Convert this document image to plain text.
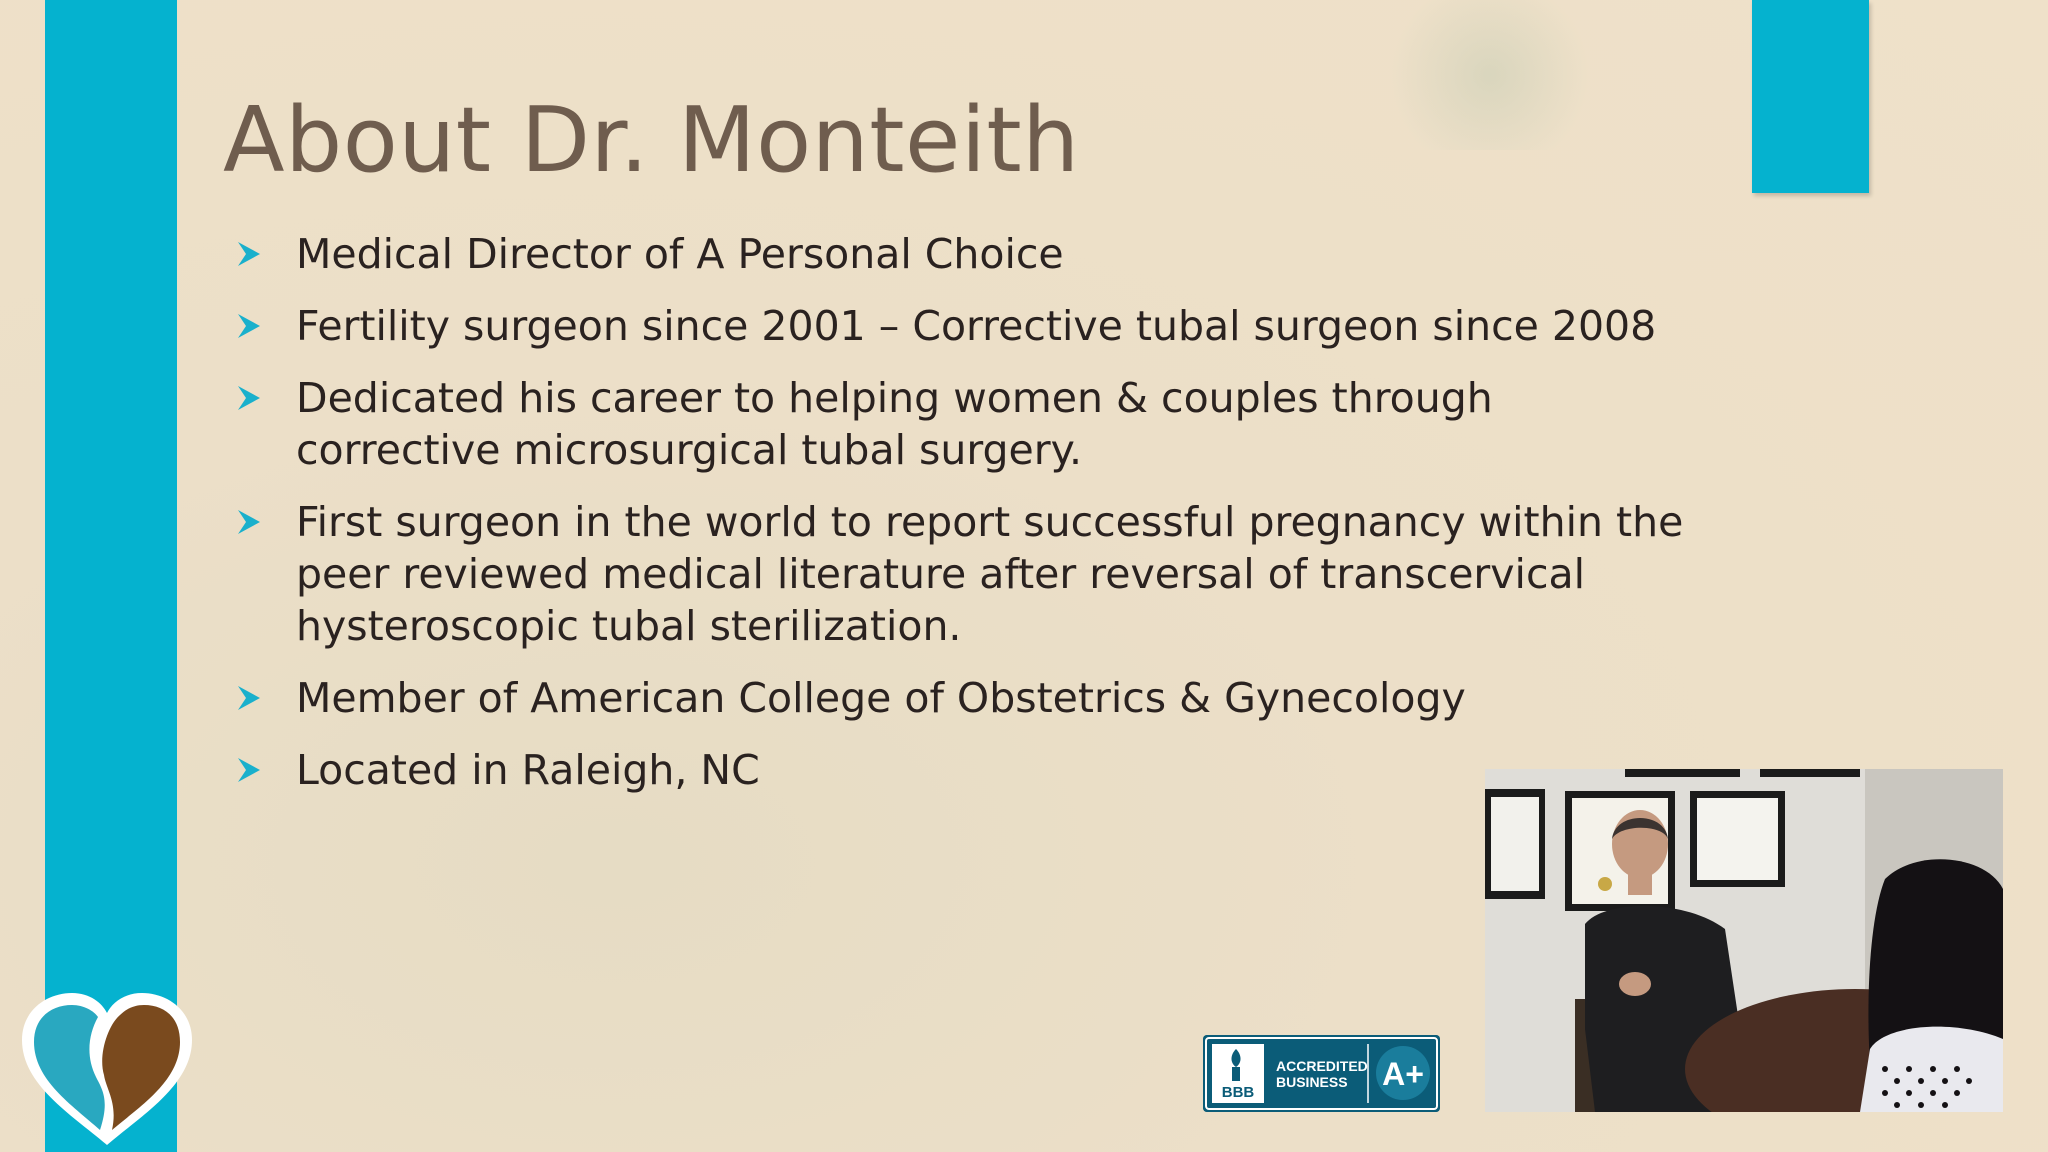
About Dr. Monteith
Medical Director of A Personal Choice
Fertility surgeon since 2001 – Corrective tubal surgeon since 2008
Dedicated his career to helping women & couples through corrective microsurgical tubal surgery.
First surgeon in the world to report successful pregnancy within the peer reviewed medical literature after reversal of transcervical hysteroscopic tubal sterilization.
Member of American College of Obstetrics & Gynecology
Located in Raleigh, NC
BBB
ACCREDITED
BUSINESS A+
